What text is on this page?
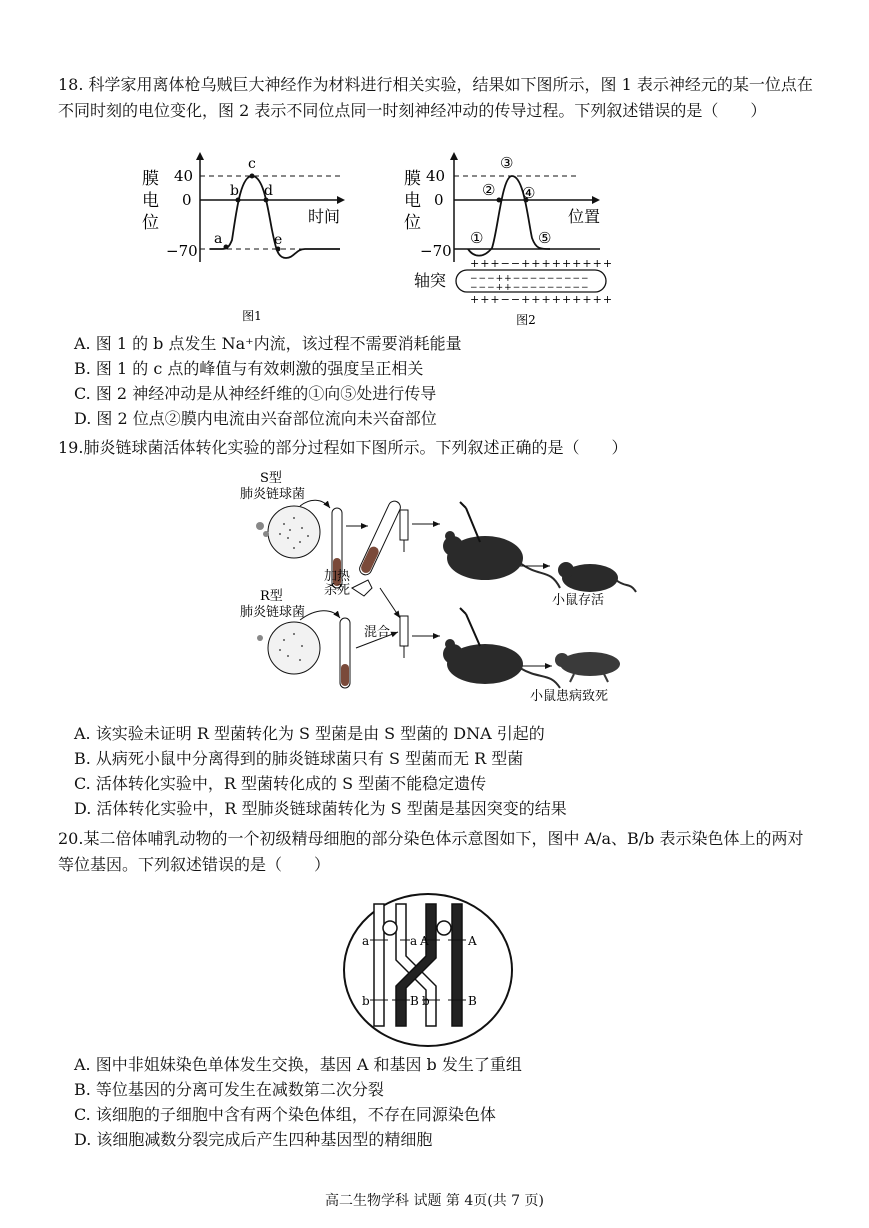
18. 科学家用离体枪乌贼巨大神经作为材料进行相关实验，结果如下图所示，图 1 表示神经元的某一位点在不同时刻的电位变化，图 2 表示不同位点同一时刻神经冲动的传导过程。下列叙述错误的是（　　）
膜
电
位
40
0
−70
时间
a
b
c
d
e
图1
膜
电
位
40
0
−70
位置
①
②
③
④
⑤
+++−−+++++++++
−−−++−−−−−−−−−
−−−++−−−−−−−−−
+++−−+++++++++
轴突
图2
A. 图 1 的 b 点发生 Na⁺内流，该过程不需要消耗能量
B. 图 1 的 c 点的峰值与有效刺激的强度呈正相关
C. 图 2 神经冲动是从神经纤维的①向⑤处进行传导
D. 图 2 位点②膜内电流由兴奋部位流向未兴奋部位
19.肺炎链球菌活体转化实验的部分过程如下图所示。下列叙述正确的是（　　）
S型
肺炎链球菌
加热
杀死
小鼠存活
R型
肺炎链球菌
混合
小鼠患病致死
A. 该实验未证明 R 型菌转化为 S 型菌是由 S 型菌的 DNA 引起的
B. 从病死小鼠中分离得到的肺炎链球菌只有 S 型菌而无 R 型菌
C. 活体转化实验中，R 型菌转化成的 S 型菌不能稳定遗传
D. 活体转化实验中，R 型肺炎链球菌转化为 S 型菌是基因突变的结果
20.某二倍体哺乳动物的一个初级精母细胞的部分染色体示意图如下，图中 A/a、B/b 表示染色体上的两对等位基因。下列叙述错误的是（　　）
a	a A	A
b	B b	B
A. 图中非姐妹染色单体发生交换，基因 A 和基因 b 发生了重组
B. 等位基因的分离可发生在减数第二次分裂
C. 该细胞的子细胞中含有两个染色体组，不存在同源染色体
D. 该细胞减数分裂完成后产生四种基因型的精细胞
高二生物学科 试题 第 4页(共 7 页)
